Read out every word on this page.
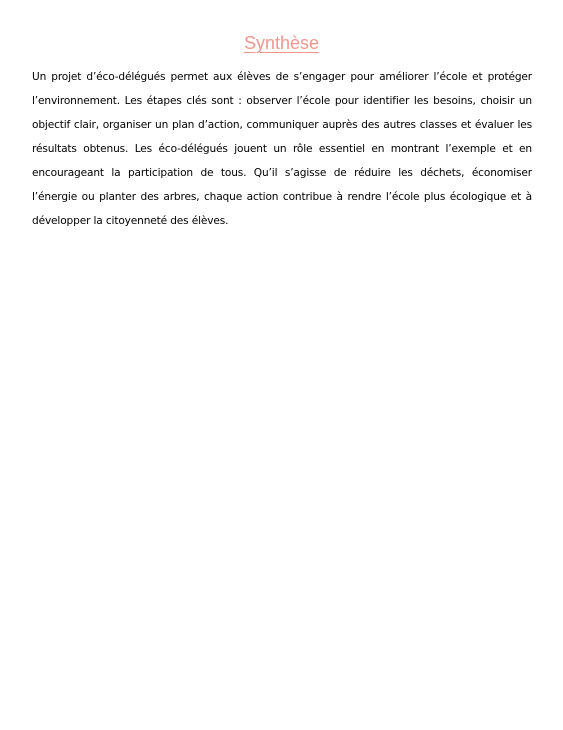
Synthèse

Un projet d’éco-délégués permet aux élèves de s’engager pour améliorer l’école et protéger l’environnement. Les étapes clés sont : observer l’école pour identifier les besoins, choisir un objectif clair, organiser un plan d’action, communiquer auprès des autres classes et évaluer les résultats obtenus. Les éco-délégués jouent un rôle essentiel en montrant l’exemple et en encourageant la participation de tous. Qu’il s’agisse de réduire les déchets, économiser l’énergie ou planter des arbres, chaque action contribue à rendre l’école plus écologique et à développer la citoyenneté des élèves.
